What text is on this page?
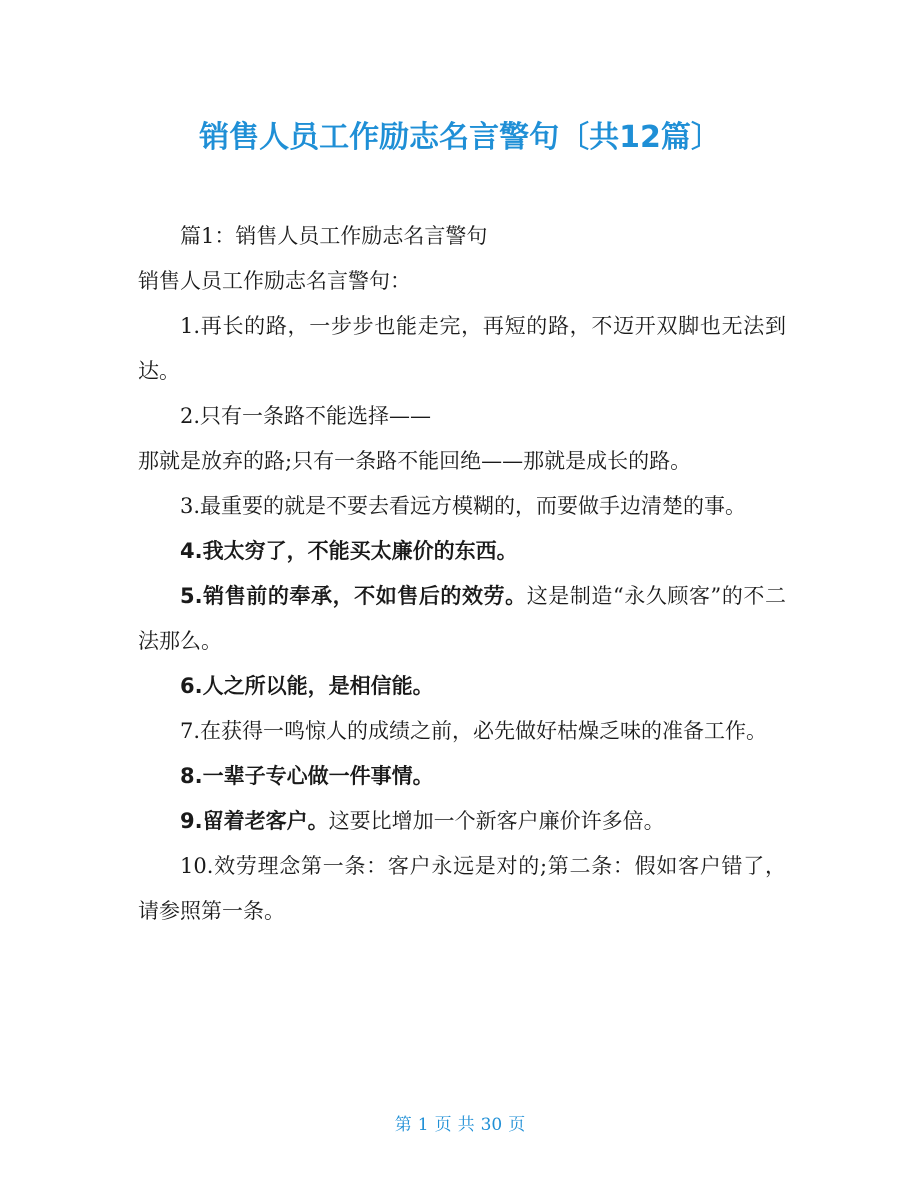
销售人员工作励志名言警句〔共12篇〕

篇1：销售人员工作励志名言警句

销售人员工作励志名言警句：

1.再长的路，一步步也能走完，再短的路，不迈开双脚也无法到达。

2.只有一条路不能选择——

那就是放弃的路;只有一条路不能回绝——那就是成长的路。

3.最重要的就是不要去看远方模糊的，而要做手边清楚的事。

4.我太穷了，不能买太廉价的东西。

5.销售前的奉承，不如售后的效劳。这是制造“永久顾客”的不二法那么。

6.人之所以能，是相信能。

7.在获得一鸣惊人的成绩之前，必先做好枯燥乏味的准备工作。

8.一辈子专心做一件事情。

9.留着老客户。这要比增加一个新客户廉价许多倍。

10.效劳理念第一条：客户永远是对的;第二条：假如客户错了，请参照第一条。

第 1 页 共 30 页
